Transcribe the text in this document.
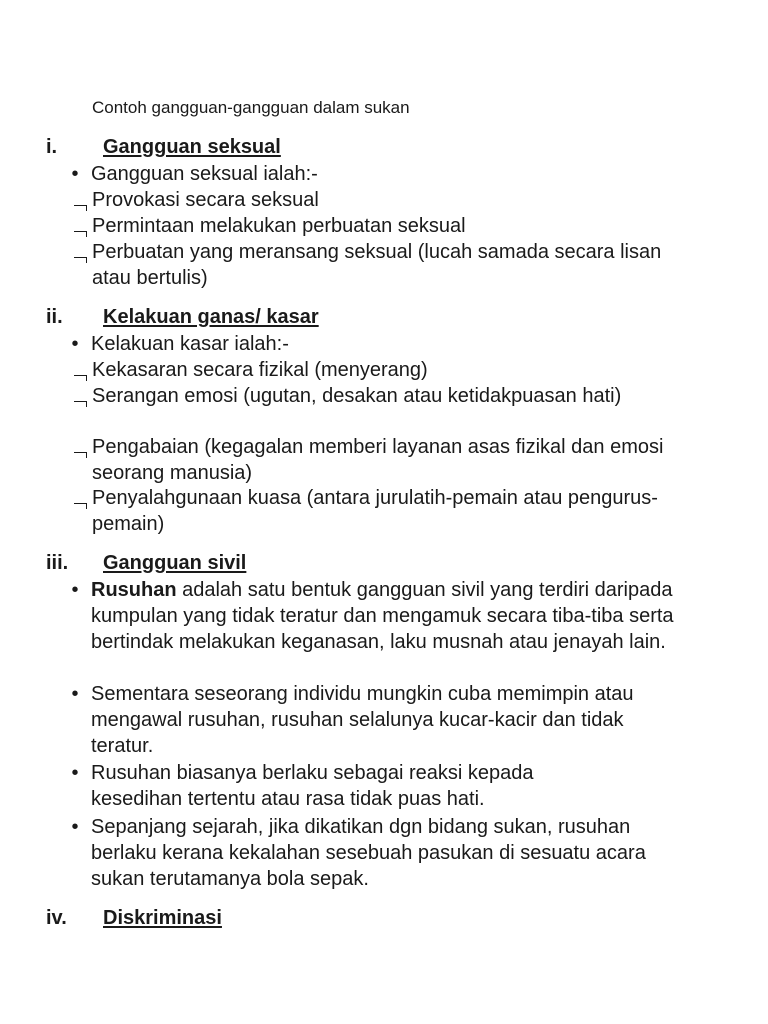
Contoh gangguan-gangguan dalam sukan
i. Gangguan seksual
• Gangguan seksual ialah:-
Provokasi secara seksual
Permintaan melakukan perbuatan seksual
Perbuatan yang meransang seksual (lucah samada secara lisan atau bertulis)
ii. Kelakuan ganas/ kasar
• Kelakuan kasar ialah:-
Kekasaran secara fizikal (menyerang)
Serangan emosi (ugutan, desakan atau ketidakpuasan hati)
Pengabaian (kegagalan memberi layanan asas fizikal dan emosi seorang manusia)
Penyalahgunaan kuasa (antara jurulatih-pemain atau pengurus-pemain)
iii. Gangguan sivil
• Rusuhan adalah satu bentuk gangguan sivil yang terdiri daripada kumpulan yang tidak teratur dan mengamuk secara tiba-tiba serta bertindak melakukan keganasan, laku musnah atau jenayah lain.
• Sementara seseorang individu mungkin cuba memimpin atau mengawal rusuhan, rusuhan selalunya kucar-kacir dan tidak teratur.
• Rusuhan biasanya berlaku sebagai reaksi kepada kesedihan tertentu atau rasa tidak puas hati.
• Sepanjang sejarah, jika dikatikan dgn bidang sukan, rusuhan berlaku kerana kekalahan sesebuah pasukan di sesuatu acara sukan terutamanya bola sepak.
iv. Diskriminasi
